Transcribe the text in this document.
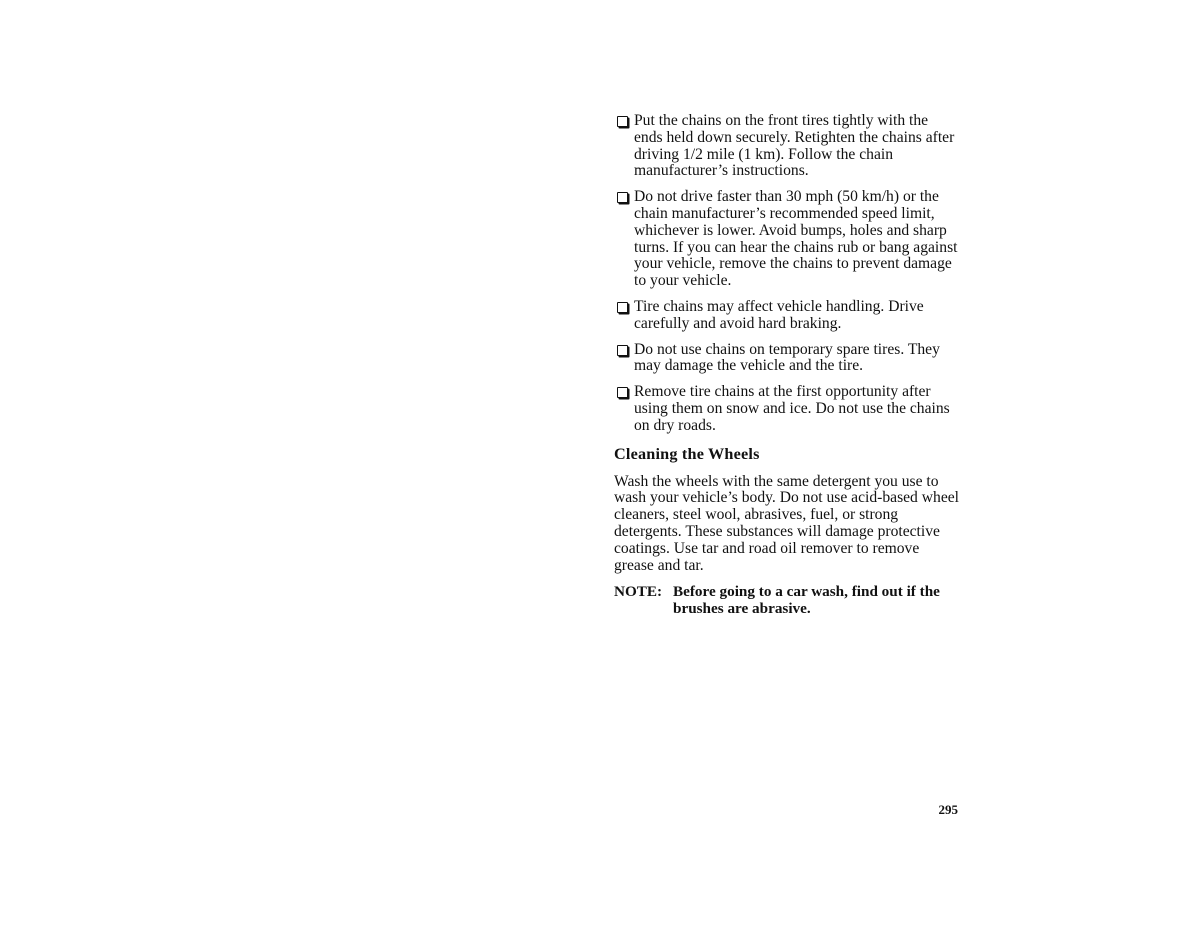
Put the chains on the front tires tightly with the ends held down securely. Retighten the chains after driving 1/2 mile (1 km). Follow the chain manufacturer’s instructions.
Do not drive faster than 30 mph (50 km/h) or the chain manufacturer’s recommended speed limit, whichever is lower. Avoid bumps, holes and sharp turns. If you can hear the chains rub or bang against your vehicle, remove the chains to prevent damage to your vehicle.
Tire chains may affect vehicle handling. Drive carefully and avoid hard braking.
Do not use chains on temporary spare tires. They may damage the vehicle and the tire.
Remove tire chains at the first opportunity after using them on snow and ice. Do not use the chains on dry roads.
Cleaning the Wheels

Wash the wheels with the same detergent you use to wash your vehicle’s body. Do not use acid-based wheel cleaners, steel wool, abrasives, fuel, or strong detergents. These substances will damage protective coatings. Use tar and road oil remover to remove grease and tar.

NOTE: Before going to a car wash, find out if the brushes are abrasive.
295
